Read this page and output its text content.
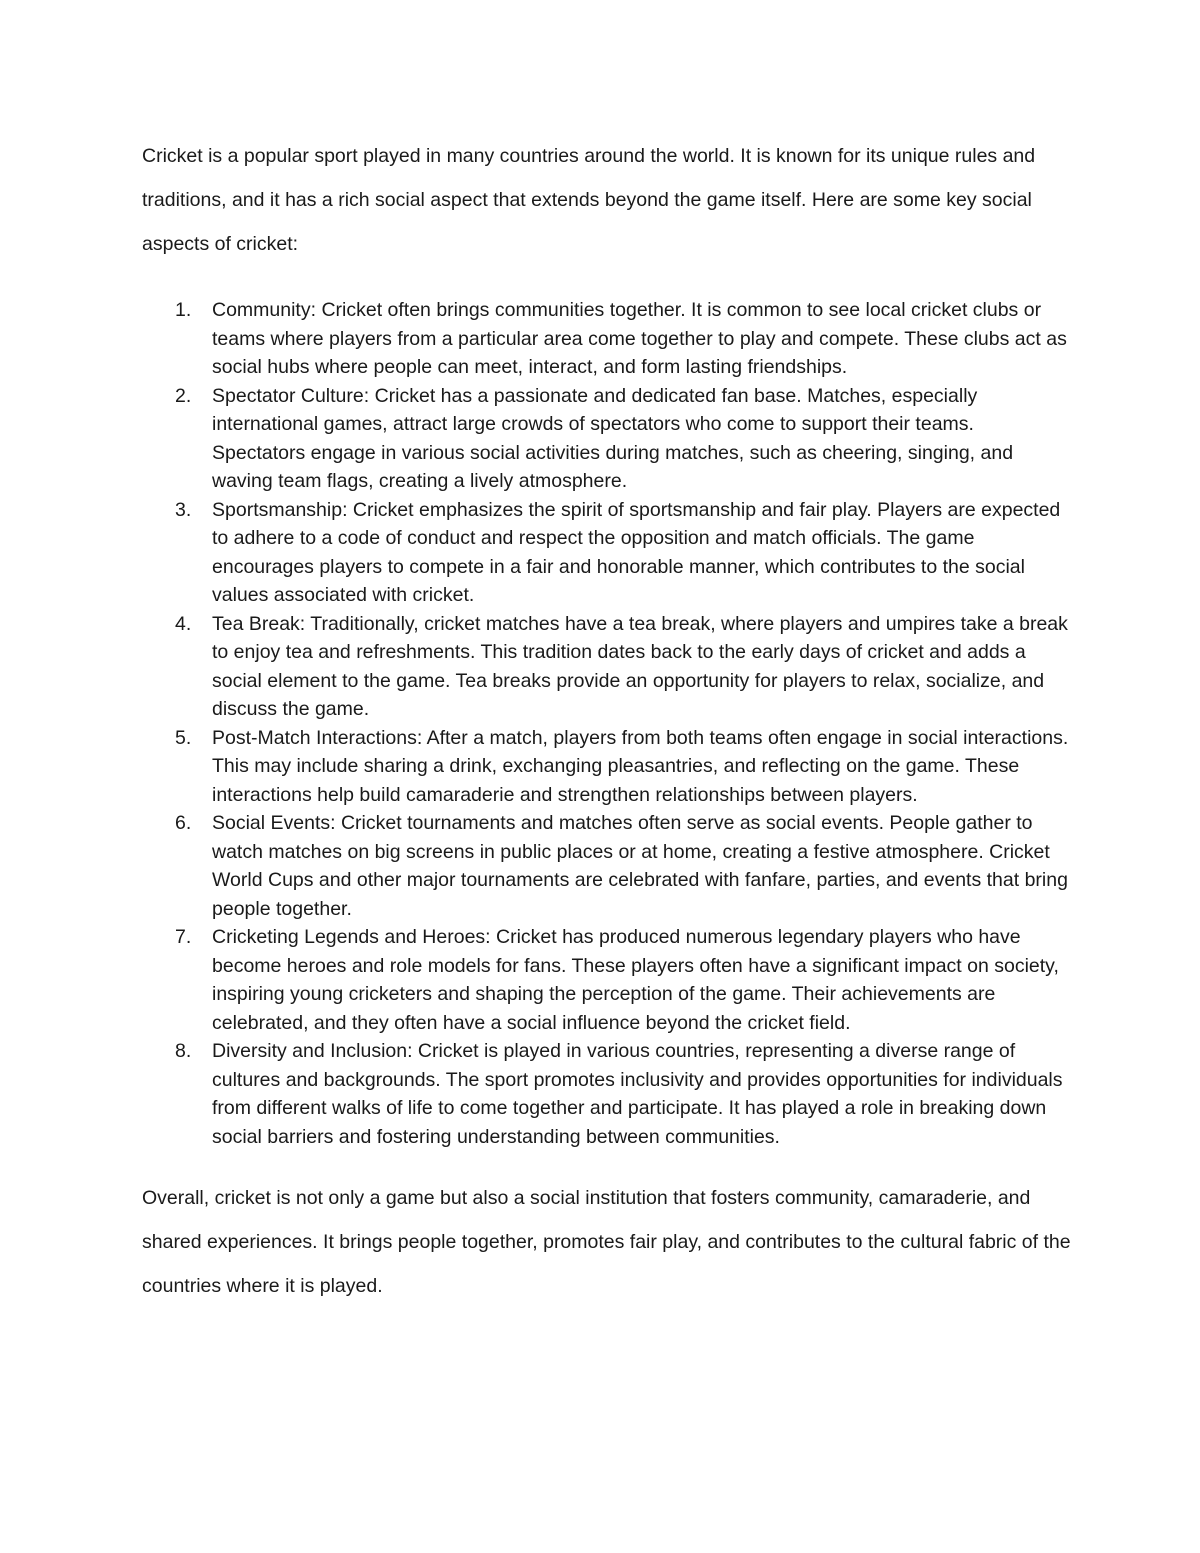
Cricket is a popular sport played in many countries around the world. It is known for its unique rules and traditions, and it has a rich social aspect that extends beyond the game itself. Here are some key social aspects of cricket:

Community: Cricket often brings communities together. It is common to see local cricket clubs or teams where players from a particular area come together to play and compete. These clubs act as social hubs where people can meet, interact, and form lasting friendships.
Spectator Culture: Cricket has a passionate and dedicated fan base. Matches, especially international games, attract large crowds of spectators who come to support their teams. Spectators engage in various social activities during matches, such as cheering, singing, and waving team flags, creating a lively atmosphere.
Sportsmanship: Cricket emphasizes the spirit of sportsmanship and fair play. Players are expected to adhere to a code of conduct and respect the opposition and match officials. The game encourages players to compete in a fair and honorable manner, which contributes to the social values associated with cricket.
Tea Break: Traditionally, cricket matches have a tea break, where players and umpires take a break to enjoy tea and refreshments. This tradition dates back to the early days of cricket and adds a social element to the game. Tea breaks provide an opportunity for players to relax, socialize, and discuss the game.
Post-Match Interactions: After a match, players from both teams often engage in social interactions. This may include sharing a drink, exchanging pleasantries, and reflecting on the game. These interactions help build camaraderie and strengthen relationships between players.
Social Events: Cricket tournaments and matches often serve as social events. People gather to watch matches on big screens in public places or at home, creating a festive atmosphere. Cricket World Cups and other major tournaments are celebrated with fanfare, parties, and events that bring people together.
Cricketing Legends and Heroes: Cricket has produced numerous legendary players who have become heroes and role models for fans. These players often have a significant impact on society, inspiring young cricketers and shaping the perception of the game. Their achievements are celebrated, and they often have a social influence beyond the cricket field.
Diversity and Inclusion: Cricket is played in various countries, representing a diverse range of cultures and backgrounds. The sport promotes inclusivity and provides opportunities for individuals from different walks of life to come together and participate. It has played a role in breaking down social barriers and fostering understanding between communities.

Overall, cricket is not only a game but also a social institution that fosters community, camaraderie, and shared experiences. It brings people together, promotes fair play, and contributes to the cultural fabric of the countries where it is played.
